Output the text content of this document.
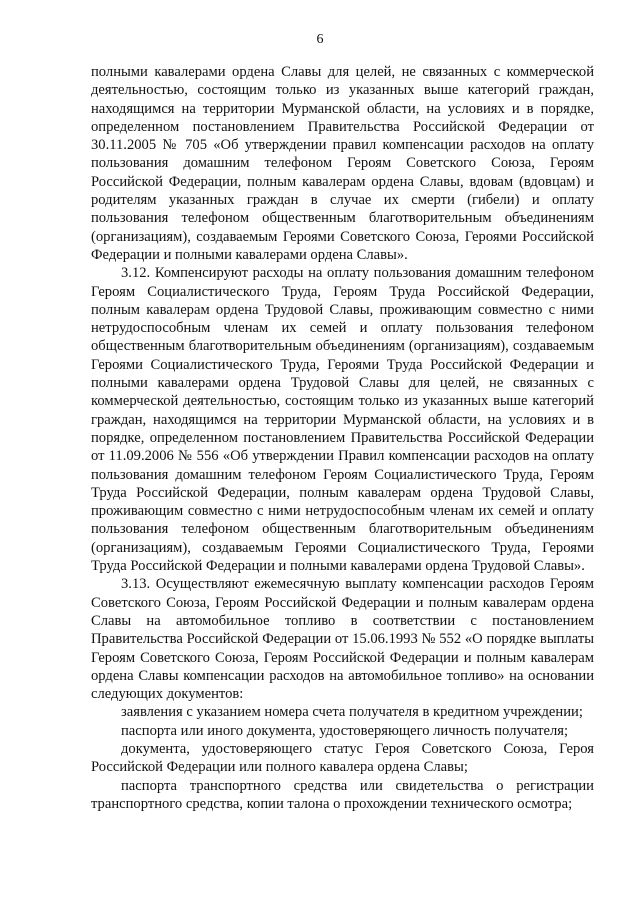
6

полными кавалерами ордена Славы для целей, не связанных с коммерческой деятельностью, состоящим только из указанных выше категорий граждан, находящимся на территории Мурманской области, на условиях и в порядке, определенном постановлением Правительства Российской Федерации от 30.11.2005 № 705 «Об утверждении правил компенсации расходов на оплату пользования домашним телефоном Героям Советского Союза, Героям Российской Федерации, полным кавалерам ордена Славы, вдовам (вдовцам) и родителям указанных граждан в случае их смерти (гибели) и оплату пользования телефоном общественным благотворительным объединениям (организациям), создаваемым Героями Советского Союза, Героями Российской Федерации и полными кавалерами ордена Славы».

3.12. Компенсируют расходы на оплату пользования домашним телефоном Героям Социалистического Труда, Героям Труда Российской Федерации, полным кавалерам ордена Трудовой Славы, проживающим совместно с ними нетрудоспособным членам их семей и оплату пользования телефоном общественным благотворительным объединениям (организациям), создаваемым Героями Социалистического Труда, Героями Труда Российской Федерации и полными кавалерами ордена Трудовой Славы для целей, не связанных с коммерческой деятельностью, состоящим только из указанных выше категорий граждан, находящимся на территории Мурманской области, на условиях и в порядке, определенном постановлением Правительства Российской Федерации от 11.09.2006 № 556 «Об утверждении Правил компенсации расходов на оплату пользования домашним телефоном Героям Социалистического Труда, Героям Труда Российской Федерации, полным кавалерам ордена Трудовой Славы, проживающим совместно с ними нетрудоспособным членам их семей и оплату пользования телефоном общественным благотворительным объединениям (организациям), создаваемым Героями Социалистического Труда, Героями Труда Российской Федерации и полными кавалерами ордена Трудовой Славы».

3.13. Осуществляют ежемесячную выплату компенсации расходов Героям Советского Союза, Героям Российской Федерации и полным кавалерам ордена Славы на автомобильное топливо в соответствии с постановлением Правительства Российской Федерации от 15.06.1993 № 552 «О порядке выплаты Героям Советского Союза, Героям Российской Федерации и полным кавалерам ордена Славы компенсации расходов на автомобильное топливо» на основании следующих документов:

заявления с указанием номера счета получателя в кредитном учреждении;

паспорта или иного документа, удостоверяющего личность получателя;

документа, удостоверяющего статус Героя Советского Союза, Героя Российской Федерации или полного кавалера ордена Славы;

паспорта транспортного средства или свидетельства о регистрации транспортного средства, копии талона о прохождении технического осмотра;
